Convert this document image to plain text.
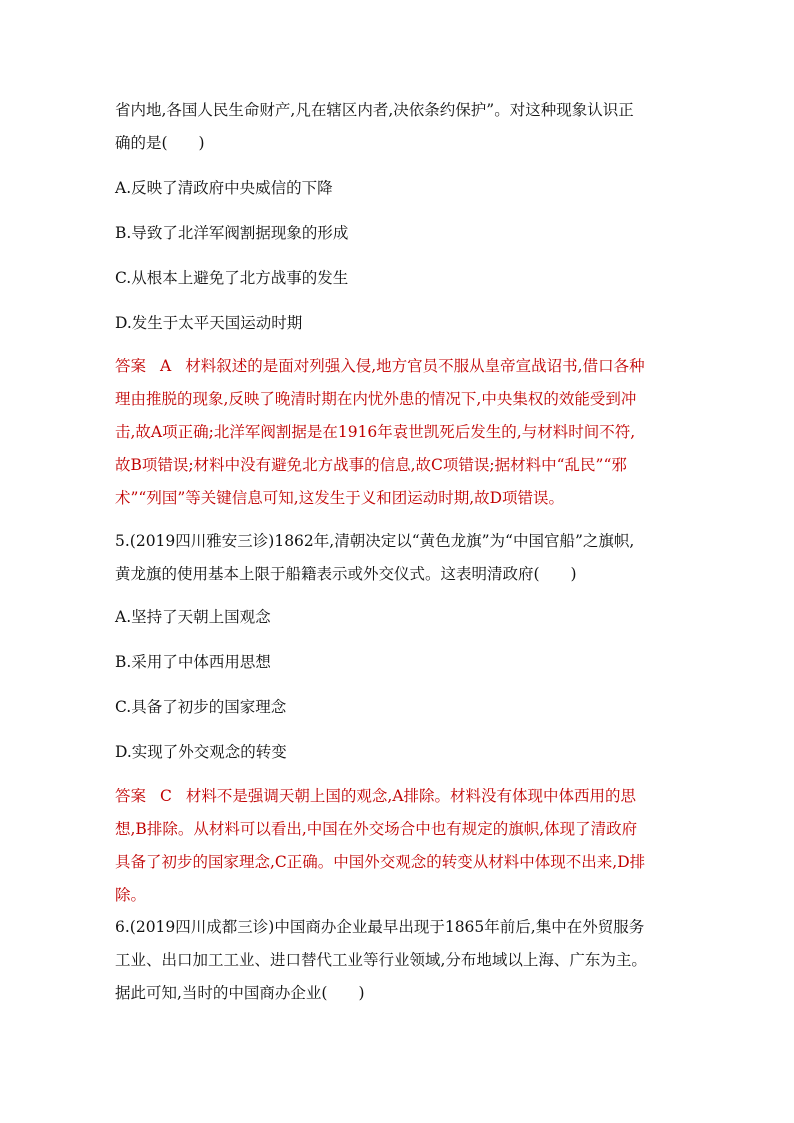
省内地,各国人民生命财产,凡在辖区内者,决依条约保护”。对这种现象认识正
确的是(　　)
A.反映了清政府中央威信的下降
B.导致了北洋军阀割据现象的形成
C.从根本上避免了北方战事的发生
D.发生于太平天国运动时期
答案 A 材料叙述的是面对列强入侵,地方官员不服从皇帝宣战诏书,借口各种
理由推脱的现象,反映了晚清时期在内忧外患的情况下,中央集权的效能受到冲
击,故A项正确;北洋军阀割据是在1916年袁世凯死后发生的,与材料时间不符,
故B项错误;材料中没有避免北方战事的信息,故C项错误;据材料中“乱民”“邪
术”“列国”等关键信息可知,这发生于义和团运动时期,故D项错误。
5.(2019四川雅安三诊)1862年,清朝决定以“黄色龙旗”为“中国官船”之旗帜,
黄龙旗的使用基本上限于船籍表示或外交仪式。这表明清政府(　　)
A.坚持了天朝上国观念
B.采用了中体西用思想
C.具备了初步的国家理念
D.实现了外交观念的转变
答案 C 材料不是强调天朝上国的观念,A排除。材料没有体现中体西用的思
想,B排除。从材料可以看出,中国在外交场合中也有规定的旗帜,体现了清政府
具备了初步的国家理念,C正确。中国外交观念的转变从材料中体现不出来,D排
除。
6.(2019四川成都三诊)中国商办企业最早出现于1865年前后,集中在外贸服务
工业、出口加工工业、进口替代工业等行业领域,分布地域以上海、广东为主。
据此可知,当时的中国商办企业(　　)
